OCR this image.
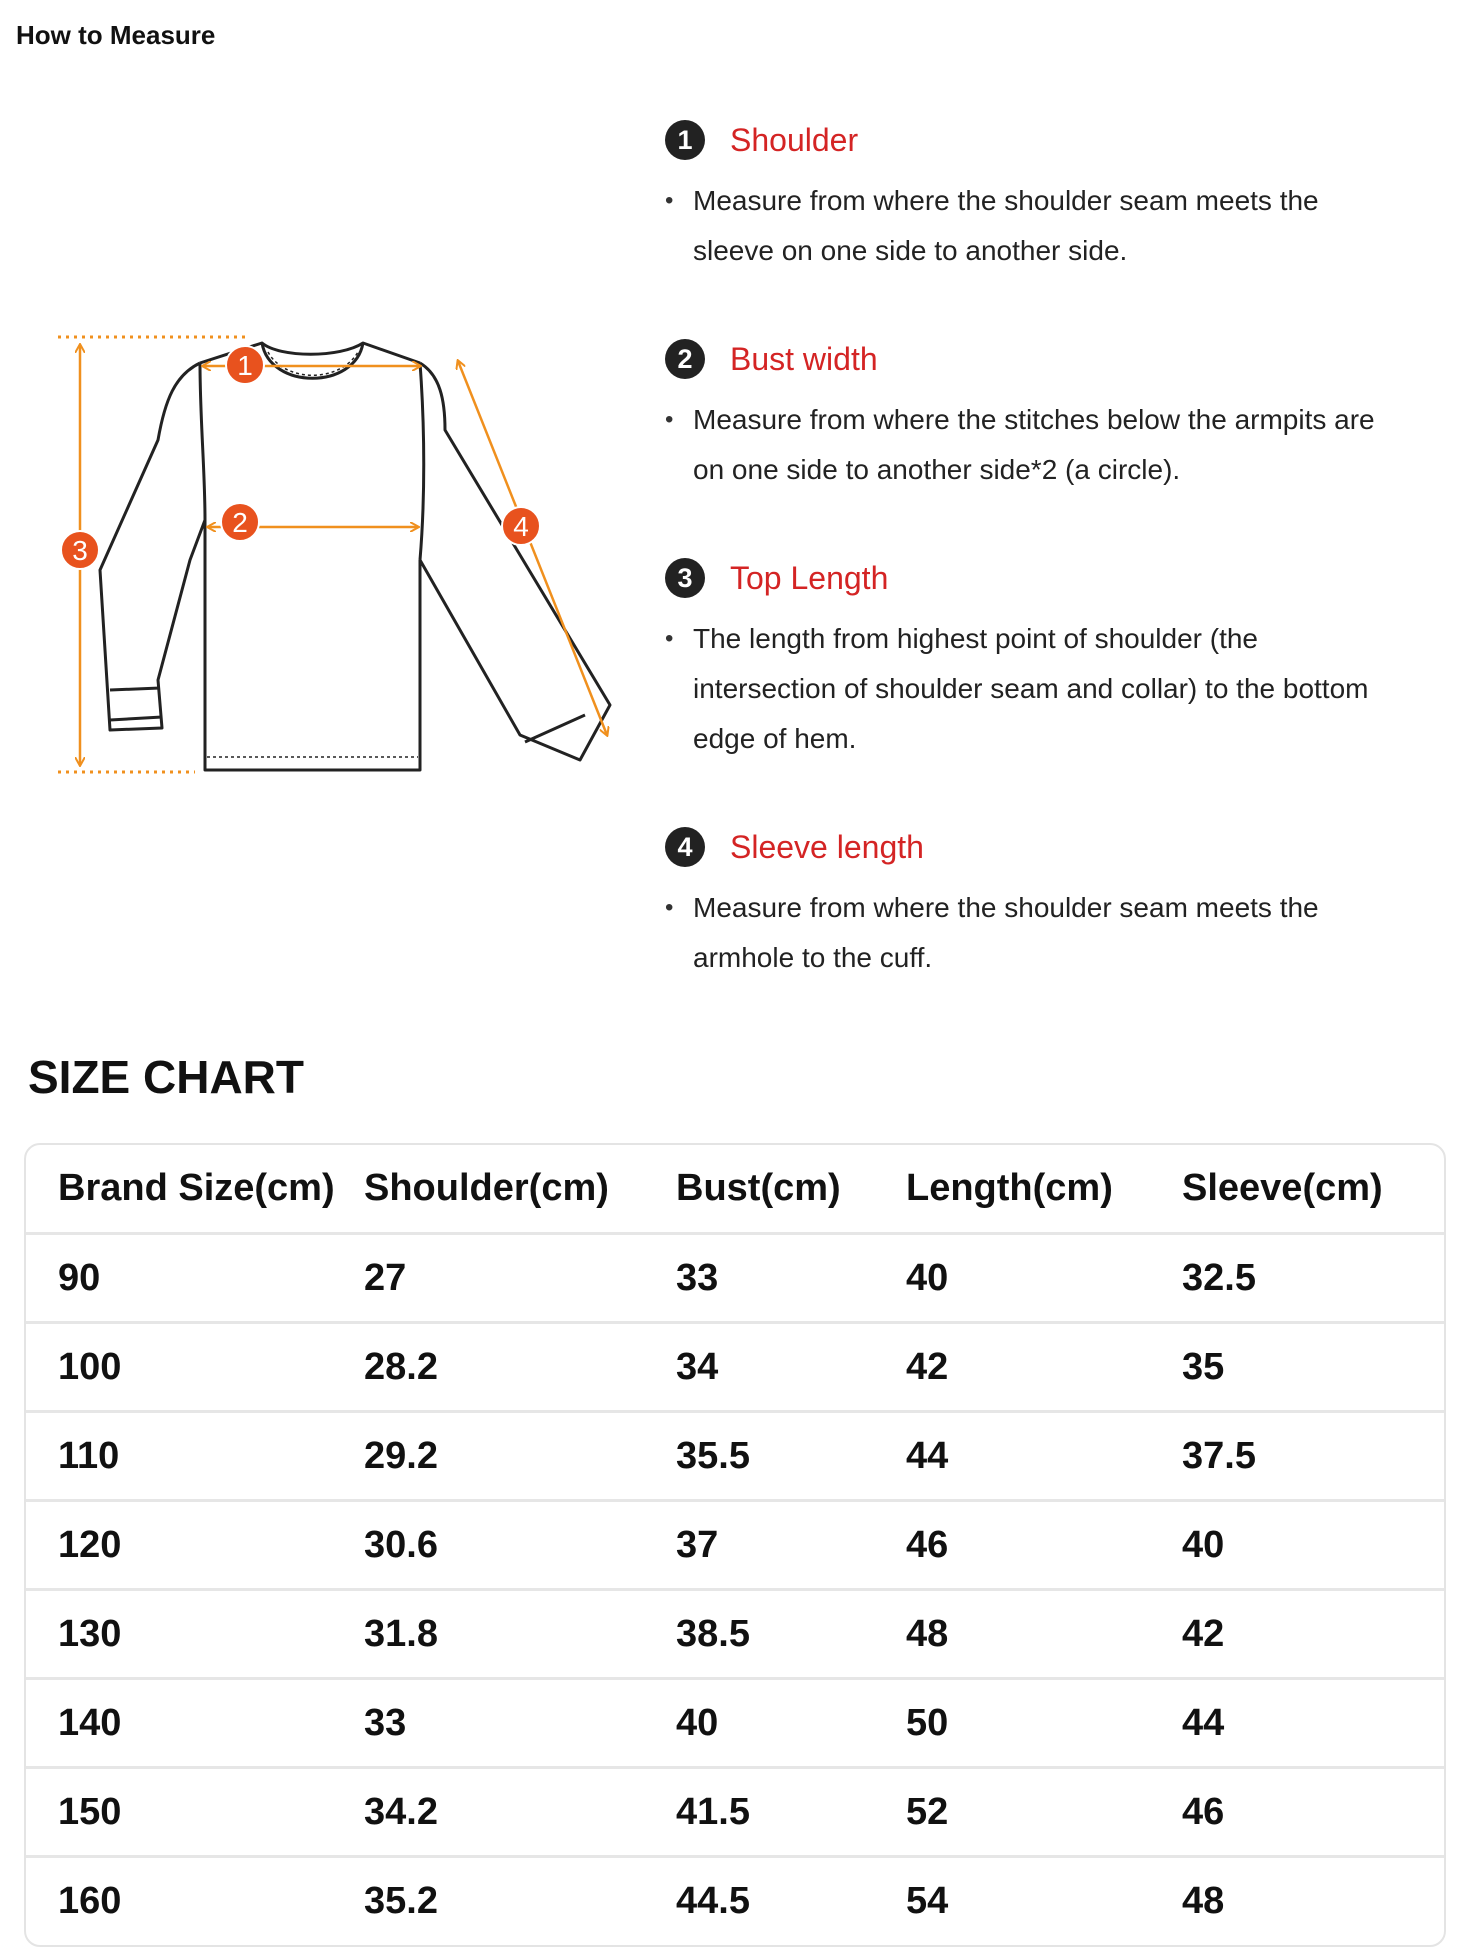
How to Measure
1
2
3
4
1	Shoulder
• Measure from where the shoulder seam meets the sleeve on one side to another side.
2	Bust width
• Measure from where the stitches below the armpits are on one side to another side*2 (a circle).
3	Top Length
• The length from highest point of shoulder (the intersection of shoulder seam and collar) to the bottom edge of hem.
4	Sleeve length
• Measure from where the shoulder seam meets the armhole to the cuff.
SIZE CHART
Brand Size(cm)	Shoulder(cm)	Bust(cm)	Length(cm)	Sleeve(cm)
90	27	33	40	32.5
100	28.2	34	42	35
110	29.2	35.5	44	37.5
120	30.6	37	46	40
130	31.8	38.5	48	42
140	33	40	50	44
150	34.2	41.5	52	46
160	35.2	44.5	54	48
